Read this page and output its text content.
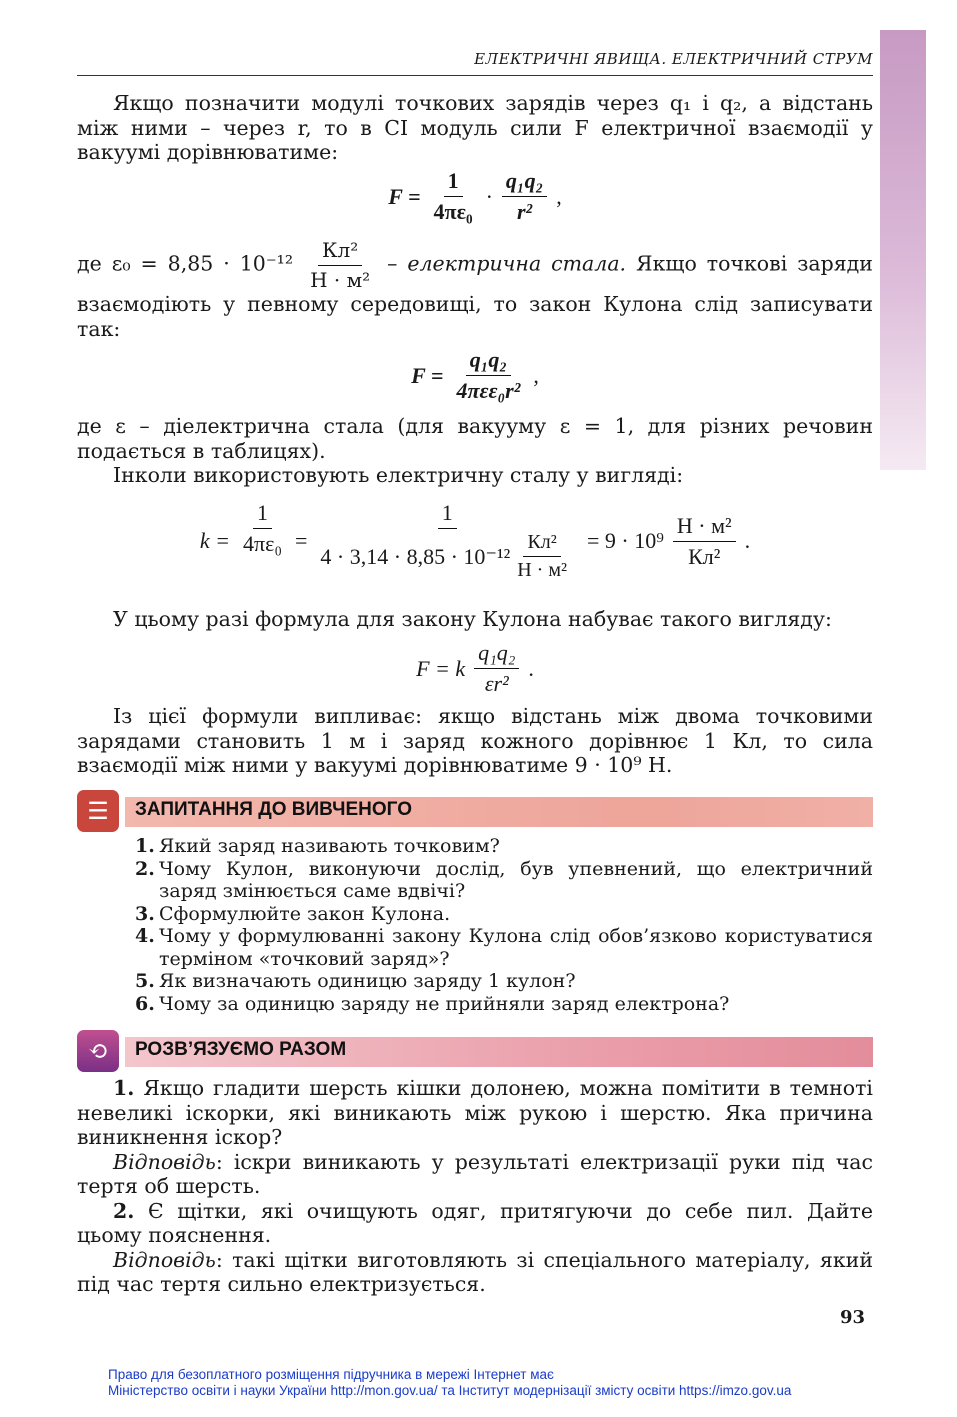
ЕЛЕКТРИЧНІ ЯВИЩА. ЕЛЕКТРИЧНИЙ СТРУМ
Якщо позначити модулі точкових зарядів через q₁ і q₂, а відстань між ними – через r, то в СІ модуль сили F електричної взаємодії у вакуумі дорівнюватиме:
$F = \frac{1}{\text{4πε₀}} \cdot \frac{\text{q₁q₂}}{\text{r²}}$ ,
де $\varepsilon_0 = 8,85 \cdot 10^{-12} \frac{\text{Кл²}}{\text{Н · м²}}$ – електрична стала. Якщо точкові заряди взаємодіють у певному середовищі, то закон Кулона слід записувати так:
$F = \frac{\text{q₁q₂}}{\text{4πεε₀r²}}$ ,
де ε – діелектрична стала (для вакууму ε = 1, для різних речовин подається в таблицях).
Інколи використовують електричну сталу у вигляді:
$k = \frac{1}{\text{4πε₀}} = \frac{1}{4 \cdot 3,14 \cdot 8,85 \cdot 10^{-12} \frac{\text{Кл²}}{\text{Н · м²}}} = 9 \cdot 10^9 \frac{\text{Н · м²}}{\text{Кл²}}$ .
У цьому разі формула для закону Кулона набуває такого вигляду:
F = k $\frac{\text{q₁q₂}}{\text{εr²}}$ .
Із цієї формули випливає: якщо відстань між двома точковими зарядами становить 1 м і заряд кожного дорівнює 1 Кл, то сила взаємодії між ними у вакуумі дорівнюватиме 9 · 10⁹ Н.
☰	ЗАПИТАННЯ ДО ВИВЧЕНОГО
1. Який заряд називають точковим?
2. Чому Кулон, виконуючи дослід, був упевнений, що електричний заряд змінюється саме вдвічі?
3. Сформулюйте закон Кулона.
4. Чому у формулюванні закону Кулона слід обов’язково користуватися терміном «точковий заряд»?
5. Як визначають одиницю заряду 1 кулон?
6. Чому за одиницю заряду не прийняли заряд електрона?
⟲	РОЗВ’ЯЗУЄМО РАЗОМ
1. Якщо гладити шерсть кішки долонею, можна помітити в темноті невеликі іскорки, які виникають між рукою і шерстю. Яка причина виникнення іскор?
Відповідь: іскри виникають у результаті електризації руки під час тертя об шерсть.
2. Є щітки, які очищують одяг, притягуючи до себе пил. Дайте цьому пояснення.
Відповідь: такі щітки виготовляють зі спеціального матеріалу, який під час тертя сильно електризується.
93
Право для безоплатного розміщення підручника в мережі Інтернет має
Міністерство освіти і науки України http://mon.gov.ua/ та Інститут модернізації змісту освіти https://imzo.gov.ua
